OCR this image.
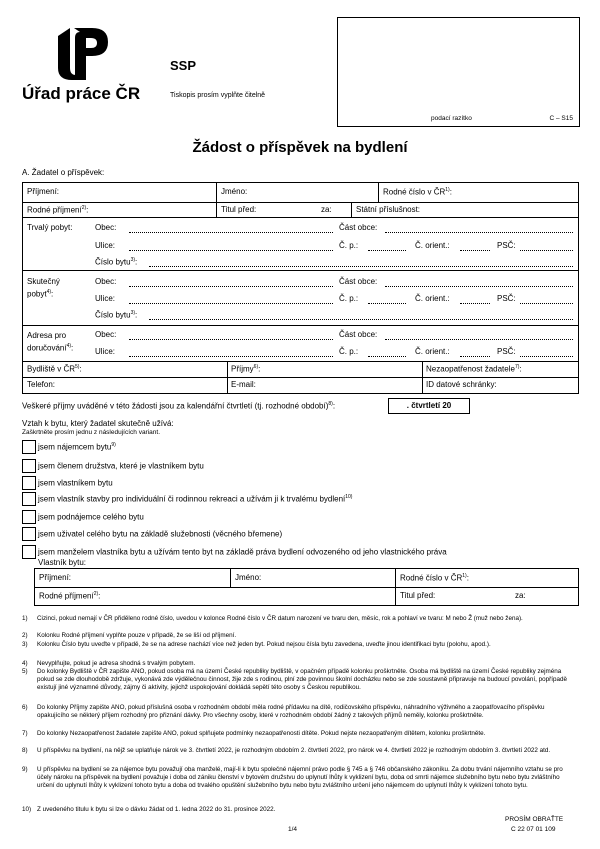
Úřad práce ČR
SSP
Tiskopis prosím vyplňte čitelně
podací razítko	C – S15
Žádost o příspěvek na bydlení
A. Žadatel o příspěvek:
Příjmení:	Jméno:	Rodné číslo v ČR$^{1)}$:
Rodné příjmení$^{2)}$:	Titul před:	za:	Státní příslušnost:
Trvalý pobyt:	Obec:	Část obce:
Ulice:	Č. p.:	Č. orient.:	PSČ:
Číslo bytu$^{3)}$:
Skutečný
pobyt$^{4)}$:
Obec:	Část obce:
Ulice:	Č. p.:	Č. orient.:	PSČ:
Číslo bytu$^{3)}$:
Adresa pro
doručování$^{4)}$:
Obec:	Část obce:
Ulice:	Č. p.:	Č. orient.:	PSČ:
Bydliště v ČR$^{5)}$:	Příjmy$^{6)}$:	Nezaopatřenost žadatele$^{7)}$:
Telefon:	E-mail:	ID datové schránky:
Veškeré příjmy uváděné v této žádosti jsou za kalendářní čtvrtletí (tj. rozhodné období)$^{8)}$:	. čtvrtletí 20
Vztah k bytu, který žadatel skutečně užívá:
Zaškrtněte prosím jednu z následujících variant.
jsem nájemcem bytu$^{9)}$
jsem členem družstva, které je vlastníkem bytu
jsem vlastníkem bytu
jsem vlastník stavby pro individuální či rodinnou rekreaci a užívám ji k trvalému bydlení$^{10)}$
jsem podnájemce celého bytu
jsem uživatel celého bytu na základě služebnosti (věcného břemene)
jsem manželem vlastníka bytu a užívám tento byt na základě práva bydlení odvozeného od jeho vlastnického práva
Vlastník bytu:
Příjmení:	Jméno:	Rodné číslo v ČR$^{1)}$:
Rodné příjmení$^{2)}$:	Titul před:	za:
1) Cizinci, pokud nemají v ČR přiděleno rodné číslo, uvedou v kolonce Rodné číslo v ČR datum narození ve tvaru den, měsíc, rok a pohlaví ve tvaru: M nebo Ž (muž nebo žena).
2) Kolonku Rodné příjmení vyplňte pouze v případě, že se liší od příjmení.
3) Kolonku Číslo bytu uveďte v případě, že se na adrese nachází více než jeden byt. Pokud nejsou čísla bytu zavedena, uveďte jinou identifikaci bytu (polohu, apod.).
4) Nevyplňujte, pokud je adresa shodná s trvalým pobytem.
5) Do kolonky Bydliště v ČR zapište ANO, pokud osoba má na území České republiky bydliště, v opačném případě kolonku proškrtněte. Osoba má bydliště na území České republiky zejména pokud se zde dlouhodobě zdržuje, vykonává zde výdělečnou činnost, žije zde s rodinou, plní zde povinnou školní docházku nebo se zde soustavně připravuje na budoucí povolání, popřípadě existují jiné významné důvody, zájmy či aktivity, jejichž uspokojování dokládá sepětí této osoby s Českou republikou.
6) Do kolonky Příjmy zapište ANO, pokud příslušná osoba v rozhodném období měla rodné přídavku na dítě, rodičovského příspěvku, náhradního výživného a zaopatřovacího příspěvku opakujícího se některý příjem rozhodný pro přiznání dávky. Pro všechny osoby, které v rozhodném období žádný z takových příjmů neměly, kolonku proškrtněte.
7) Do kolonky Nezaopatřenost žadatele zapište ANO, pokud splňujete podmínky nezaopatřenosti dítěte. Pokud nejste nezaopatřeným dítětem, kolonku proškrtněte.
8) U příspěvku na bydlení, na nějž se uplatňuje nárok ve 3. čtvrtletí 2022, je rozhodným obdobím 2. čtvrtletí 2022, pro nárok ve 4. čtvrtletí 2022 je rozhodným obdobím 3. čtvrtletí 2022 atd.
9) U příspěvku na bydlení se za nájemce bytu považují oba manželé, mají-li k bytu společné nájemní právo podle § 745 a § 746 občanského zákoníku. Za dobu trvání nájemního vztahu se pro účely nároku na příspěvek na bydlení považuje i doba od zániku členství v bytovém družstvu do uplynutí lhůty k vyklizení bytu, doba od smrti nájemce služebního bytu nebo bytu zvláštního určení do uplynutí lhůty k vyklizení tohoto bytu a doba od trvalého opuštění služebního bytu nebo bytu zvláštního určení jeho nájemcem do uplynutí lhůty k vyklizení tohoto bytu.
10) Z uvedeného titulu k bytu si lze o dávku žádat od 1. ledna 2022 do 31. prosince 2022.
PROSÍM OBRAŤTE
1/4	C 22 07 01 109
